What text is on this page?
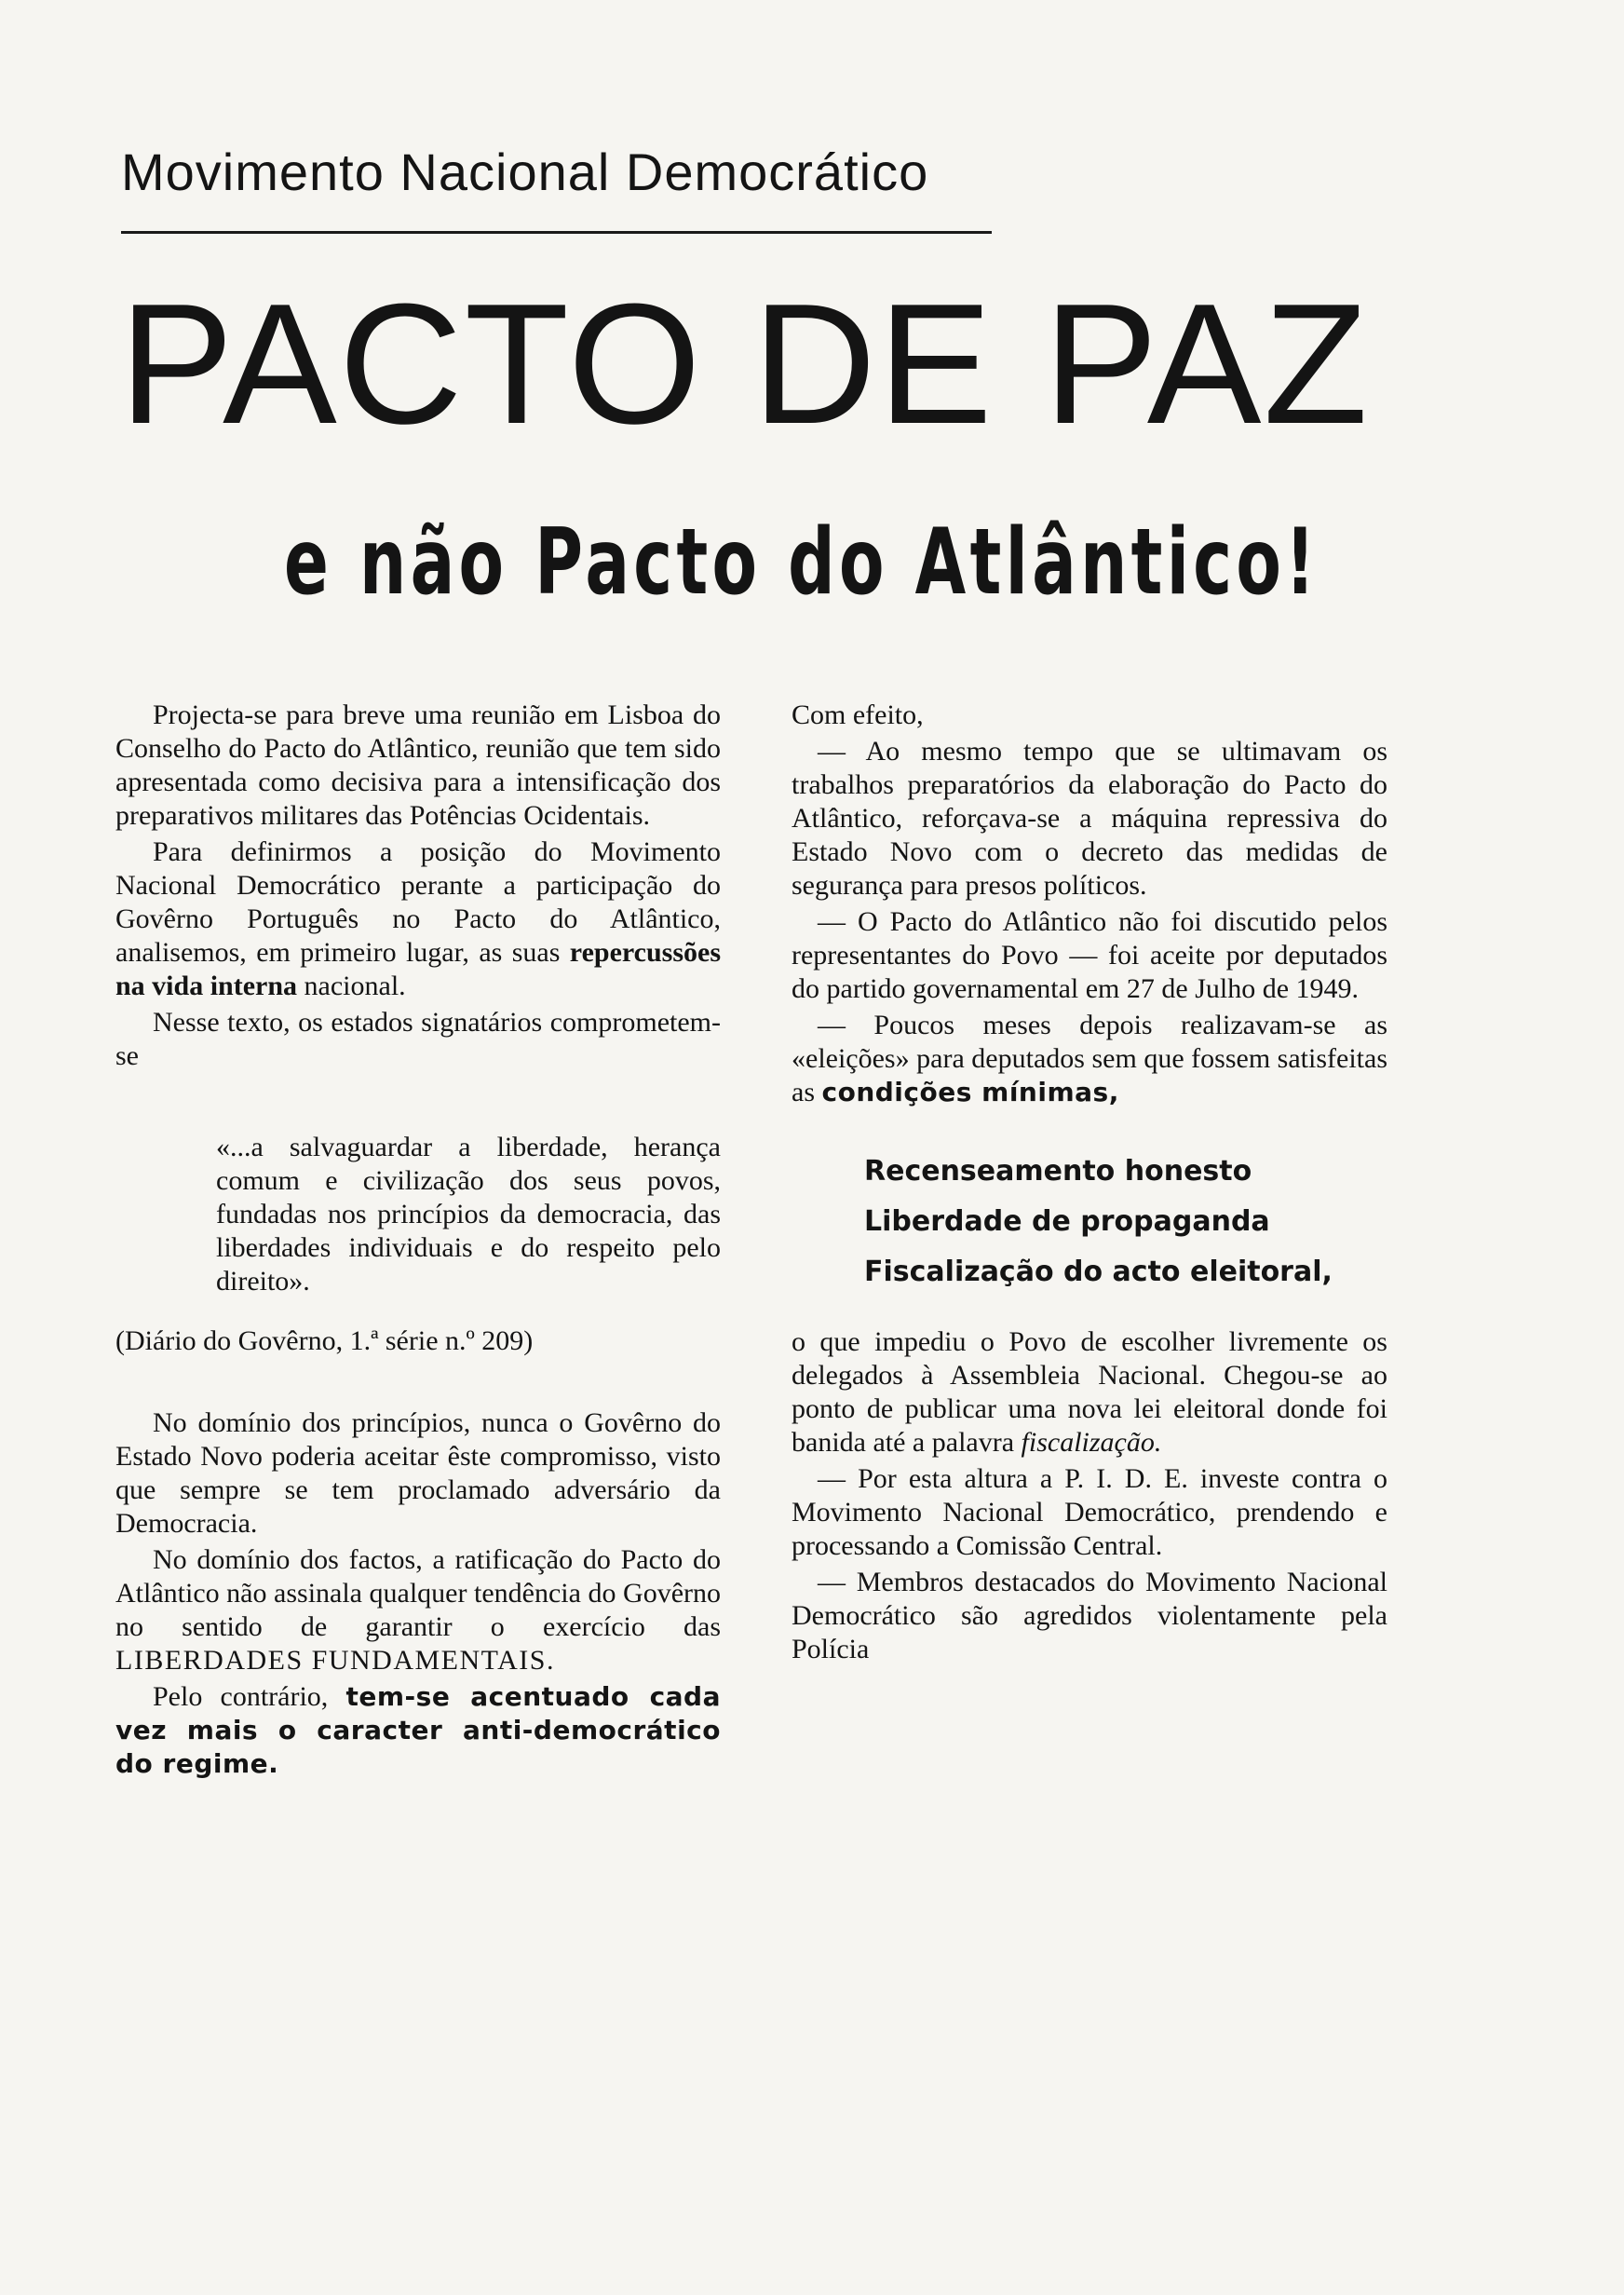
Movimento Nacional Democrático
PACTO DE PAZ
e não Pacto do Atlântico!

Projecta-se para breve uma reunião em Lisboa do Conselho do Pacto do Atlântico, reunião que tem sido apresentada como decisiva para a intensificação dos preparativos militares das Potências Ocidentais.

Para definirmos a posição do Movimento Nacional Democrático perante a participação do Govêrno Português no Pacto do Atlântico, analisemos, em primeiro lugar, as suas repercussões na vida interna nacional.

Nesse texto, os estados signatários comprometem-se

«...a salvaguardar a liberdade, herança comum e civilização dos seus povos, fundadas nos princípios da democracia, das liberdades individuais e do respeito pelo direito».

(Diário do Govêrno, 1.ª série n.º 209)

No domínio dos princípios, nunca o Govêrno do Estado Novo poderia aceitar êste compromisso, visto que sempre se tem proclamado adversário da Democracia.

No domínio dos factos, a ratificação do Pacto do Atlântico não assinala qualquer tendência do Govêrno no sentido de garantir o exercício das LIBERDADES FUNDAMENTAIS.

Pelo contrário, tem-se acentuado cada vez mais o caracter anti-democrático do regime.

Com efeito,

— Ao mesmo tempo que se ultimavam os trabalhos preparatórios da elaboração do Pacto do Atlântico, reforçava-se a máquina repressiva do Estado Novo com o decreto das medidas de segurança para presos políticos.

— O Pacto do Atlântico não foi discutido pelos representantes do Povo — foi aceite por deputados do partido governamental em 27 de Julho de 1949.

— Poucos meses depois realizavam-se as «eleições» para deputados sem que fossem satisfeitas as condições mínimas,

Recenseamento honesto
Liberdade de propaganda
Fiscalização do acto eleitoral,

o que impediu o Povo de escolher livremente os delegados à Assembleia Nacional. Chegou-se ao ponto de publicar uma nova lei eleitoral donde foi banida até a palavra fiscalização.

— Por esta altura a P. I. D. E. investe contra o Movimento Nacional Democrático, prendendo e processando a Comissão Central.

— Membros destacados do Movimento Nacional Democrático são agredidos violentamente pela Polícia
